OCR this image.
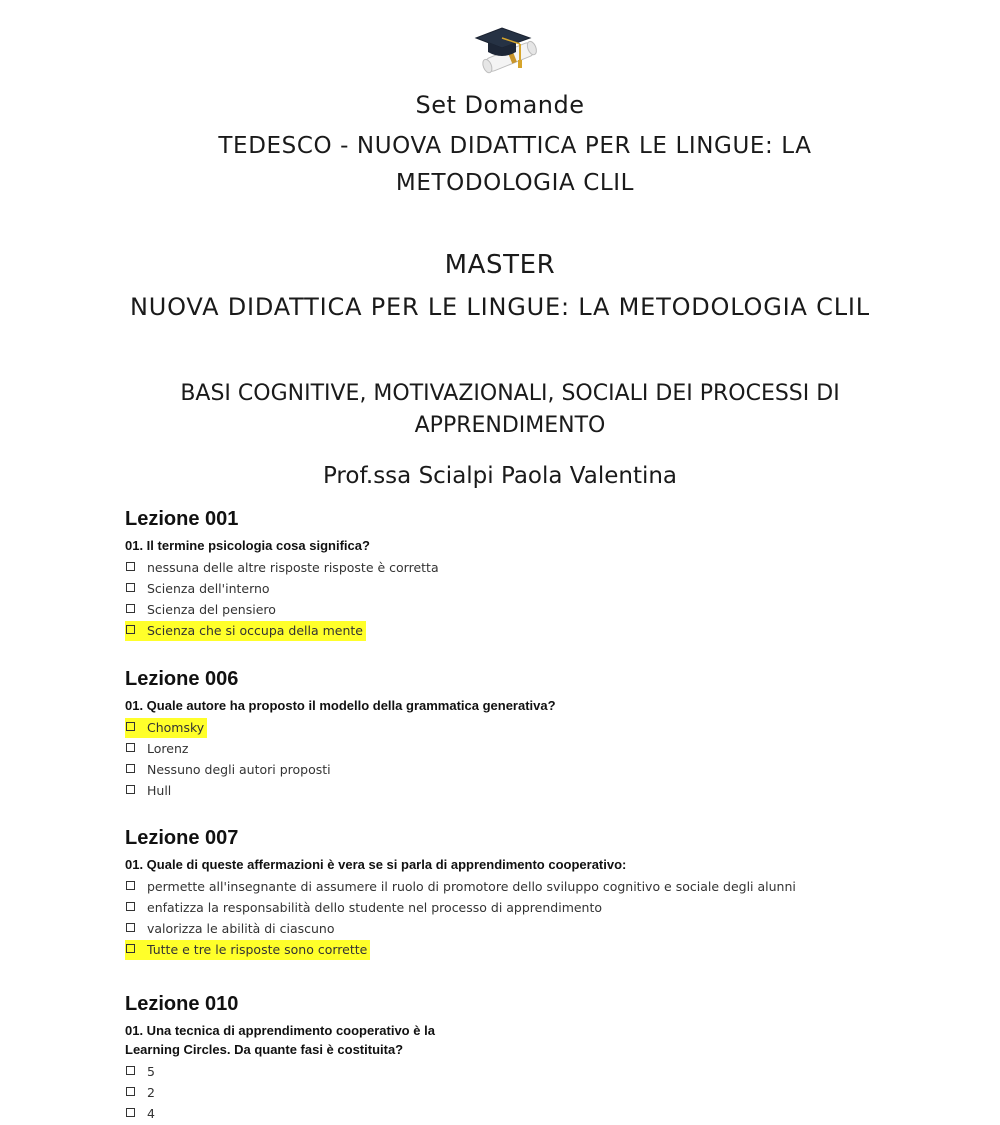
Set Domande
TEDESCO - NUOVA DIDATTICA PER LE LINGUE: LA METODOLOGIA CLIL
MASTER
NUOVA DIDATTICA PER LE LINGUE: LA METODOLOGIA CLIL
BASI COGNITIVE, MOTIVAZIONALI, SOCIALI DEI PROCESSI DI APPRENDIMENTO
Prof.ssa Scialpi Paola Valentina
Lezione 001
01. Il termine psicologia cosa significa?
nessuna delle altre risposte risposte è corretta
Scienza dell'interno
Scienza del pensiero
Scienza che si occupa della mente
Lezione 006
01. Quale autore ha proposto il modello della grammatica generativa?
Chomsky
Lorenz
Nessuno degli autori proposti
Hull
Lezione 007
01. Quale di queste affermazioni è vera se si parla di apprendimento cooperativo:
permette all'insegnante di assumere il ruolo di promotore dello sviluppo cognitivo e sociale degli alunni
enfatizza la responsabilità dello studente nel processo di apprendimento
valorizza le abilità di ciascuno
Tutte e tre le risposte sono corrette
Lezione 010
01. Una tecnica di apprendimento cooperativo è la
Learning Circles. Da quante fasi è costituita?
5
2
4
